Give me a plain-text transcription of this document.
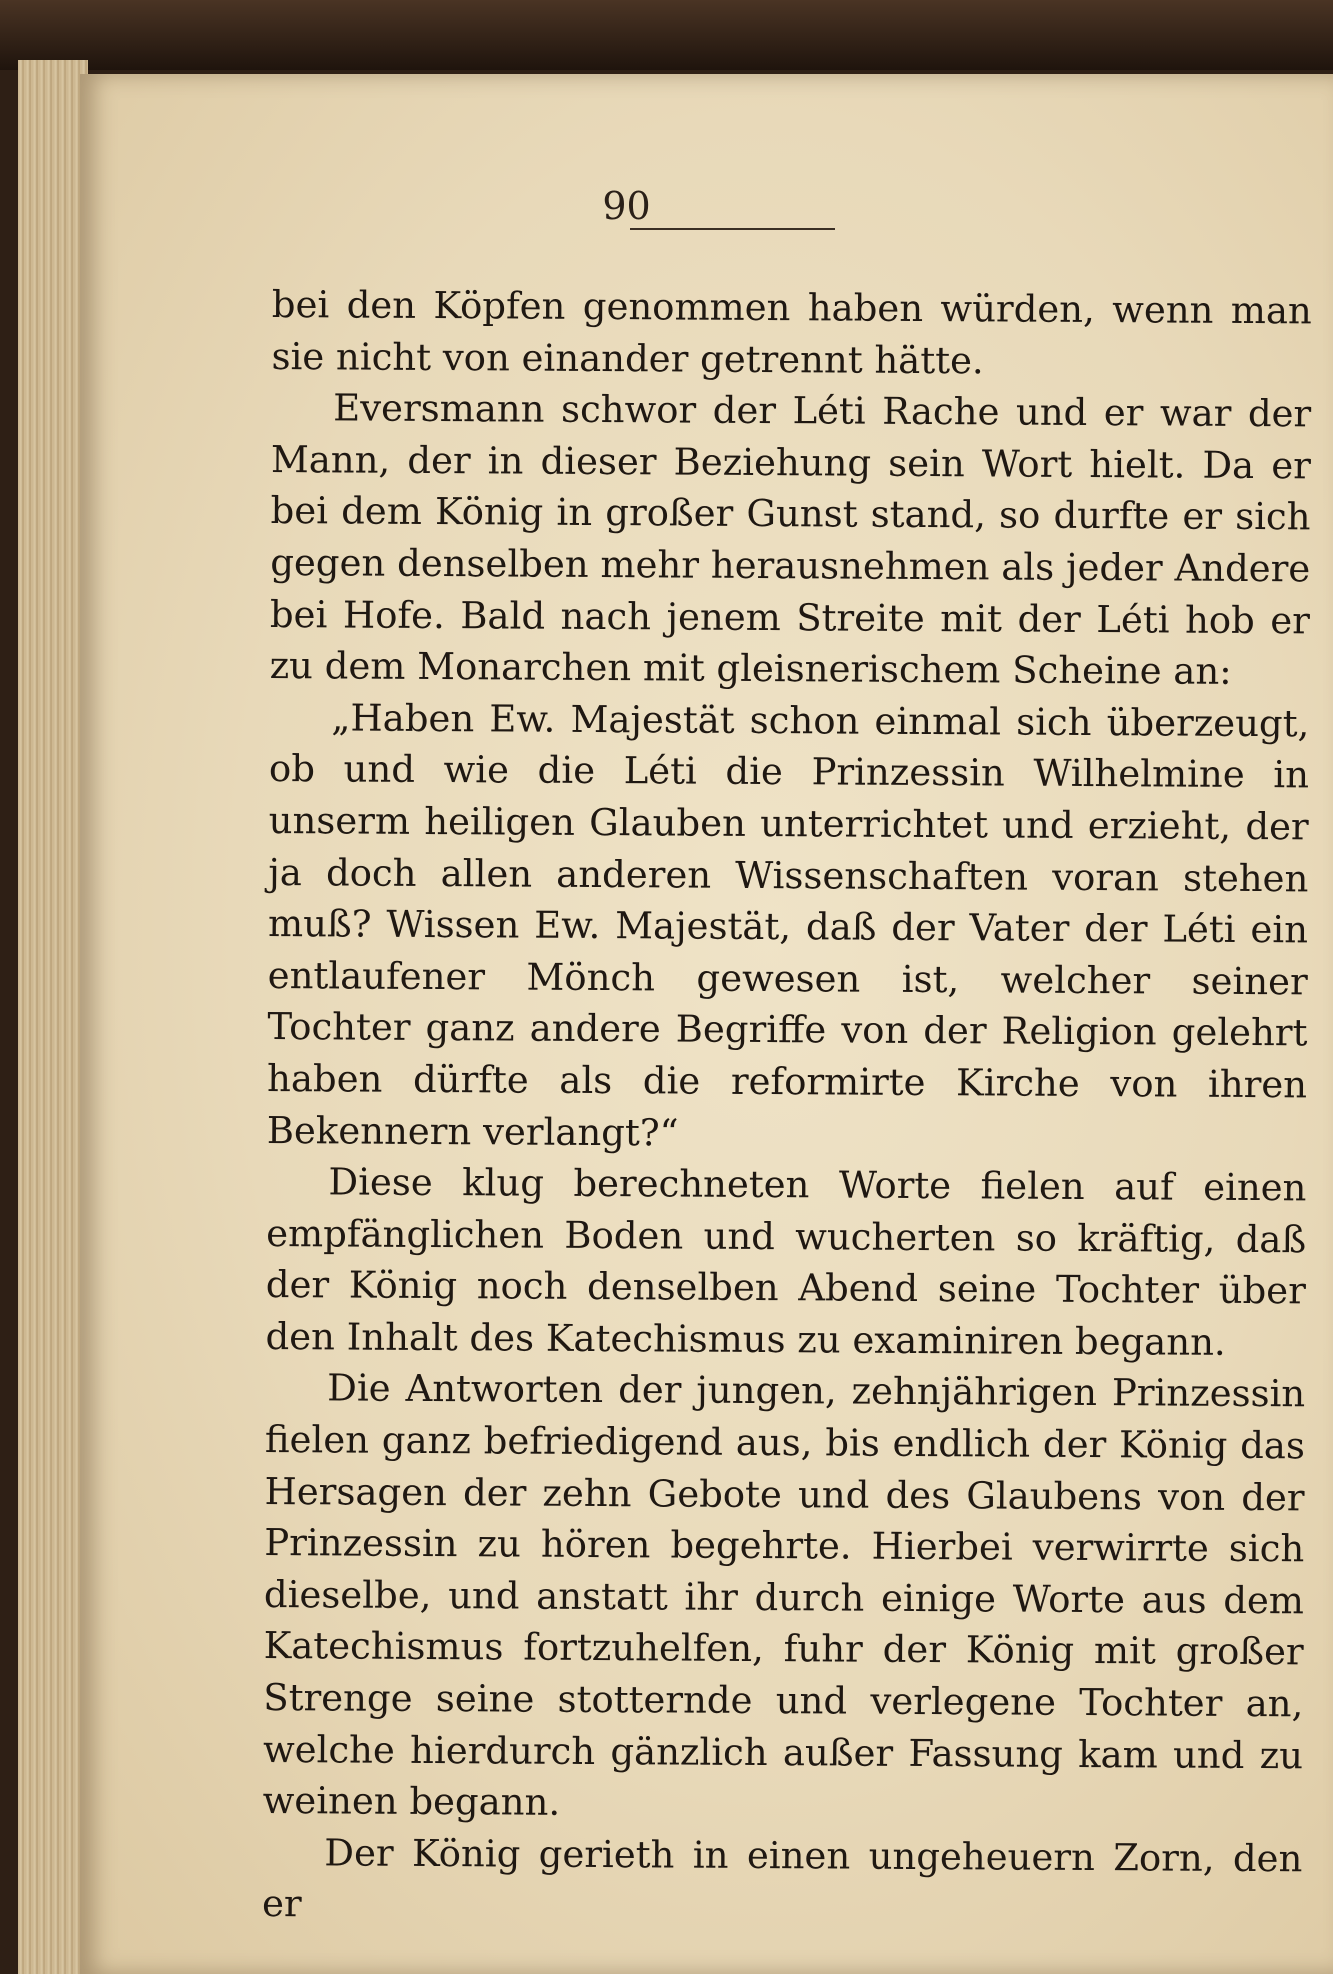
90

bei den Köpfen genommen haben würden, wenn man sie nicht von einander getrennt hätte.

Eversmann schwor der Léti Rache und er war der Mann, der in dieser Beziehung sein Wort hielt. Da er bei dem König in großer Gunst stand, so durfte er sich gegen denselben mehr herausnehmen als jeder Andere bei Hofe. Bald nach jenem Streite mit der Léti hob er zu dem Monarchen mit gleisnerischem Scheine an:

„Haben Ew. Majestät schon einmal sich überzeugt, ob und wie die Léti die Prinzessin Wilhelmine in unserm heiligen Glauben unterrichtet und erzieht, der ja doch allen anderen Wissenschaften voran stehen muß? Wissen Ew. Majestät, daß der Vater der Léti ein entlaufener Mönch gewesen ist, welcher seiner Tochter ganz andere Begriffe von der Religion gelehrt haben dürfte als die reformirte Kirche von ihren Bekennern verlangt?“

Diese klug berechneten Worte fielen auf einen empfänglichen Boden und wucherten so kräftig, daß der König noch denselben Abend seine Tochter über den Inhalt des Katechismus zu examiniren begann.

Die Antworten der jungen, zehnjährigen Prinzessin fielen ganz befriedigend aus, bis endlich der König das Hersagen der zehn Gebote und des Glaubens von der Prinzessin zu hören begehrte. Hierbei verwirrte sich dieselbe, und anstatt ihr durch einige Worte aus dem Katechismus fortzuhelfen, fuhr der König mit großer Strenge seine stotternde und verlegene Tochter an, welche hierdurch gänzlich außer Fassung kam und zu weinen begann.

Der König gerieth in einen ungeheuern Zorn, den er
